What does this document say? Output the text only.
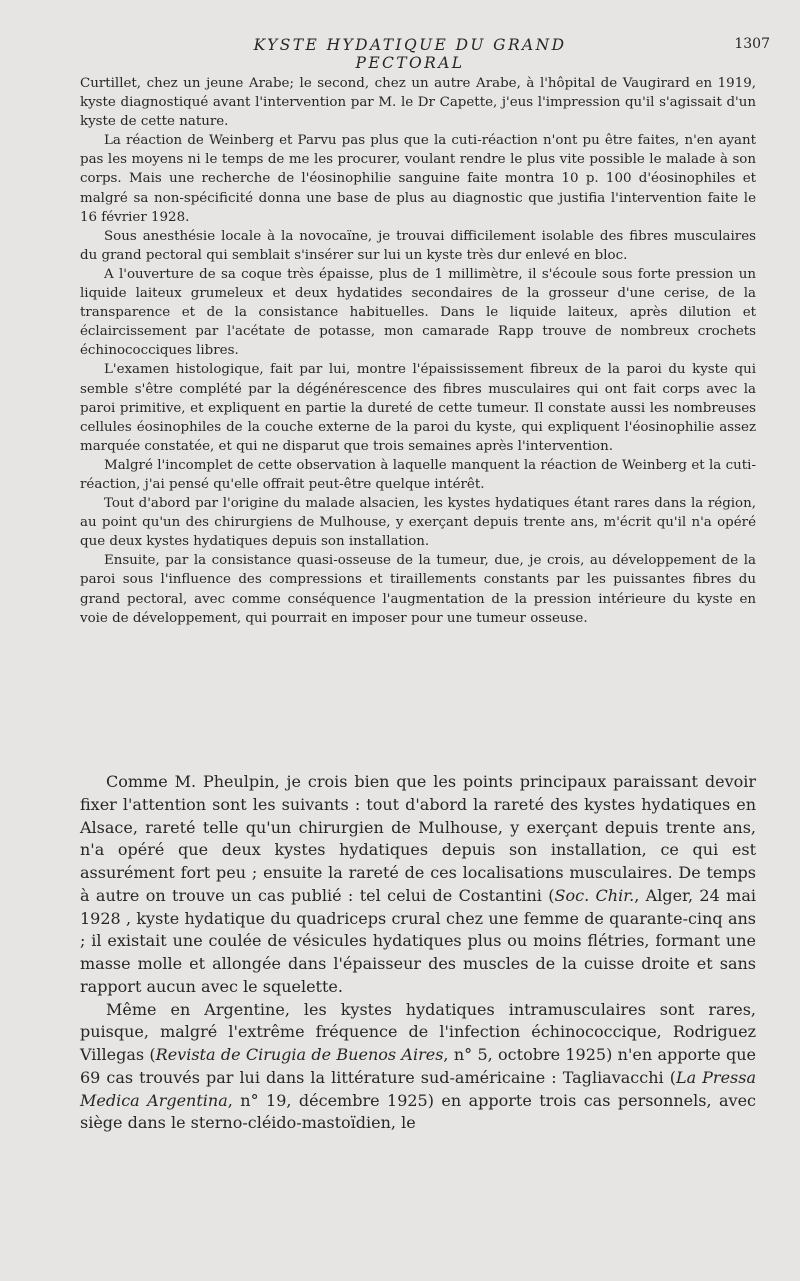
KYSTE HYDATIQUE DU GRAND PECTORAL
1307

Curtillet, chez un jeune Arabe; le second, chez un autre Arabe, à l'hôpital de Vaugirard en 1919, kyste diagnostiqué avant l'intervention par M. le Dr Capette, j'eus l'impression qu'il s'agissait d'un kyste de cette nature.

La réaction de Weinberg et Parvu pas plus que la cuti-réaction n'ont pu être faites, n'en ayant pas les moyens ni le temps de me les procurer, voulant rendre le plus vite possible le malade à son corps. Mais une recherche de l'éosinophilie sanguine faite montra 10 p. 100 d'éosinophiles et malgré sa non-spécificité donna une base de plus au diagnostic que justifia l'intervention faite le 16 février 1928.

Sous anesthésie locale à la novocaïne, je trouvai difficilement isolable des fibres musculaires du grand pectoral qui semblait s'insérer sur lui un kyste très dur enlevé en bloc.

A l'ouverture de sa coque très épaisse, plus de 1 millimètre, il s'écoule sous forte pression un liquide laiteux grumeleux et deux hydatides secondaires de la grosseur d'une cerise, de la transparence et de la consistance habituelles. Dans le liquide laiteux, après dilution et éclaircissement par l'acétate de potasse, mon camarade Rapp trouve de nombreux crochets échinococciques libres.

L'examen histologique, fait par lui, montre l'épaississement fibreux de la paroi du kyste qui semble s'être complété par la dégénérescence des fibres musculaires qui ont fait corps avec la paroi primitive, et expliquent en partie la dureté de cette tumeur. Il constate aussi les nombreuses cellules éosinophiles de la couche externe de la paroi du kyste, qui expliquent l'éosinophilie assez marquée constatée, et qui ne disparut que trois semaines après l'intervention.

Malgré l'incomplet de cette observation à laquelle manquent la réaction de Weinberg et la cuti-réaction, j'ai pensé qu'elle offrait peut-être quelque intérêt.

Tout d'abord par l'origine du malade alsacien, les kystes hydatiques étant rares dans la région, au point qu'un des chirurgiens de Mulhouse, y exerçant depuis trente ans, m'écrit qu'il n'a opéré que deux kystes hydatiques depuis son installation.

Ensuite, par la consistance quasi-osseuse de la tumeur, due, je crois, au développement de la paroi sous l'influence des compressions et tiraillements constants par les puissantes fibres du grand pectoral, avec comme conséquence l'augmentation de la pression intérieure du kyste en voie de développement, qui pourrait en imposer pour une tumeur osseuse.

Comme M. Pheulpin, je crois bien que les points principaux paraissant devoir fixer l'attention sont les suivants : tout d'abord la rareté des kystes hydatiques en Alsace, rareté telle qu'un chirurgien de Mulhouse, y exerçant depuis trente ans, n'a opéré que deux kystes hydatiques depuis son installation, ce qui est assurément fort peu ; ensuite la rareté de ces localisations musculaires. De temps à autre on trouve un cas publié : tel celui de Costantini (Soc. Chir., Alger, 24 mai 1928 , kyste hydatique du quadriceps crural chez une femme de quarante-cinq ans ; il existait une coulée de vésicules hydatiques plus ou moins flétries, formant une masse molle et allongée dans l'épaisseur des muscles de la cuisse droite et sans rapport aucun avec le squelette.

Même en Argentine, les kystes hydatiques intramusculaires sont rares, puisque, malgré l'extrême fréquence de l'infection échinococcique, Rodriguez Villegas (Revista de Cirugia de Buenos Aires, n° 5, octobre 1925) n'en apporte que 69 cas trouvés par lui dans la littérature sud-américaine : Tagliavacchi (La Pressa Medica Argentina, n° 19, décembre 1925) en apporte trois cas personnels, avec siège dans le sterno-cléido-mastoïdien, le
